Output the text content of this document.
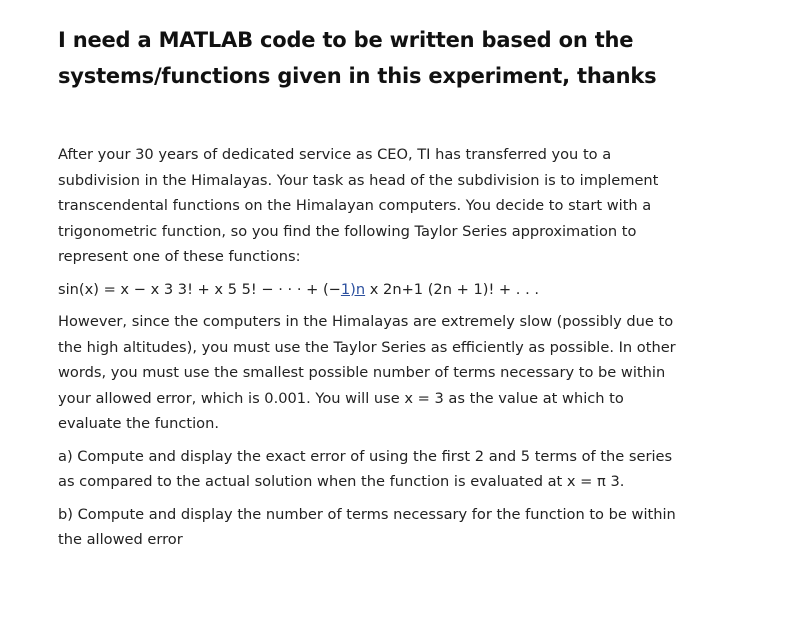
I need a MATLAB code to be written based on the
systems/functions given in this experiment, thanks

After your 30 years of dedicated service as CEO, TI has transferred you to a
subdivision in the Himalayas. Your task as head of the subdivision is to implement
transcendental functions on the Himalayan computers. You decide to start with a
trigonometric function, so you find the following Taylor Series approximation to
represent one of these functions:

sin(x) = x − x 3 3! + x 5 5! − · · · + (−1)n x 2n+1 (2n + 1)! + . . .

However, since the computers in the Himalayas are extremely slow (possibly due to
the high altitudes), you must use the Taylor Series as efficiently as possible. In other
words, you must use the smallest possible number of terms necessary to be within
your allowed error, which is 0.001. You will use x = 3 as the value at which to
evaluate the function.

a) Compute and display the exact error of using the first 2 and 5 terms of the series
as compared to the actual solution when the function is evaluated at x = π 3.

b) Compute and display the number of terms necessary for the function to be within
the allowed error
